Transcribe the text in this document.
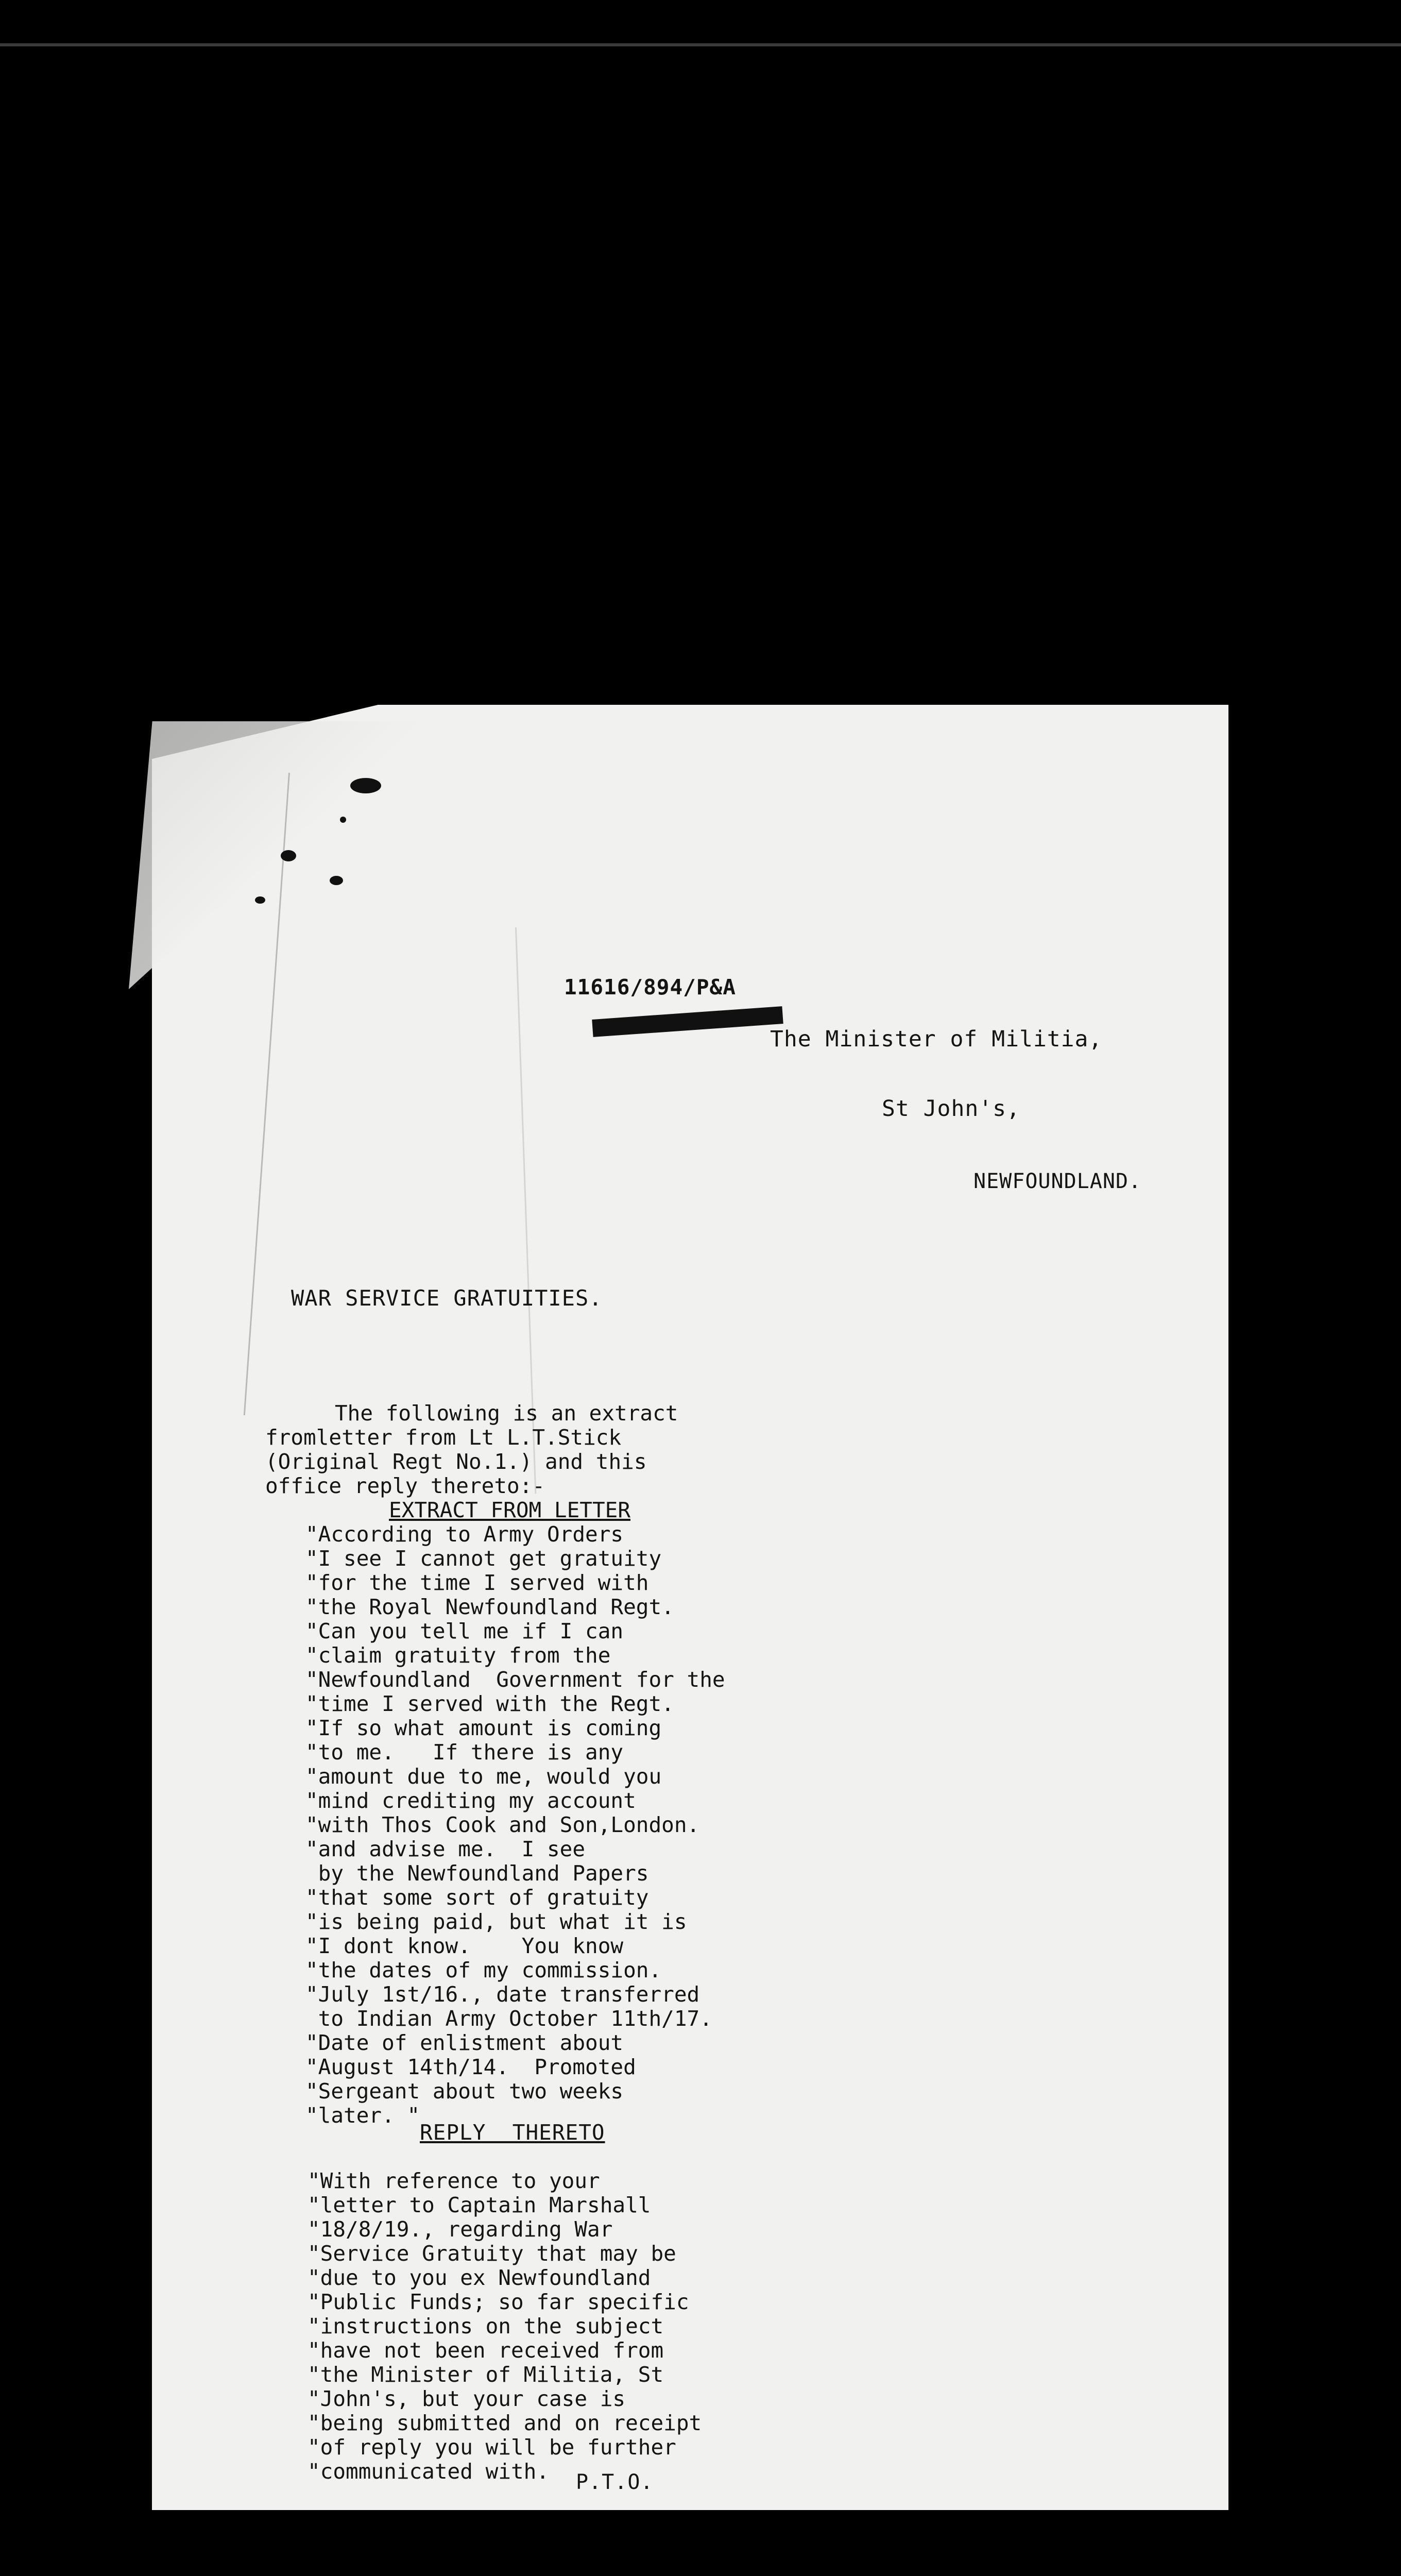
11616/894/P&A
The Minister of Militia,
St John's,
NEWFOUNDLAND.
WAR SERVICE GRATUITIES.
The following is an extract
fromletter from Lt L.T.Stick
(Original Regt No.1.) and this
office reply thereto:-
EXTRACT FROM LETTER
"According to Army Orders
"I see I cannot get gratuity
"for the time I served with
"the Royal Newfoundland Regt.
"Can you tell me if I can
"claim gratuity from the
"Newfoundland  Government for the
"time I served with the Regt.
"If so what amount is coming
"to me.   If there is any
"amount due to me, would you
"mind crediting my account
"with Thos Cook and Son,London.
"and advise me.  I see
by the Newfoundland Papers
"that some sort of gratuity
"is being paid, but what it is
"I dont know.    You know
"the dates of my commission.
"July 1st/16., date transferred
to Indian Army October 11th/17.
"Date of enlistment about
"August 14th/14.  Promoted
"Sergeant about two weeks
"later. "
REPLY  THERETO
"With reference to your
"letter to Captain Marshall
"18/8/19., regarding War
"Service Gratuity that may be
"due to you ex Newfoundland
"Public Funds; so far specific
"instructions on the subject
"have not been received from
"the Minister of Militia, St
"John's, but your case is
"being submitted and on receipt
"of reply you will be further
"communicated with.	P.T.O.
